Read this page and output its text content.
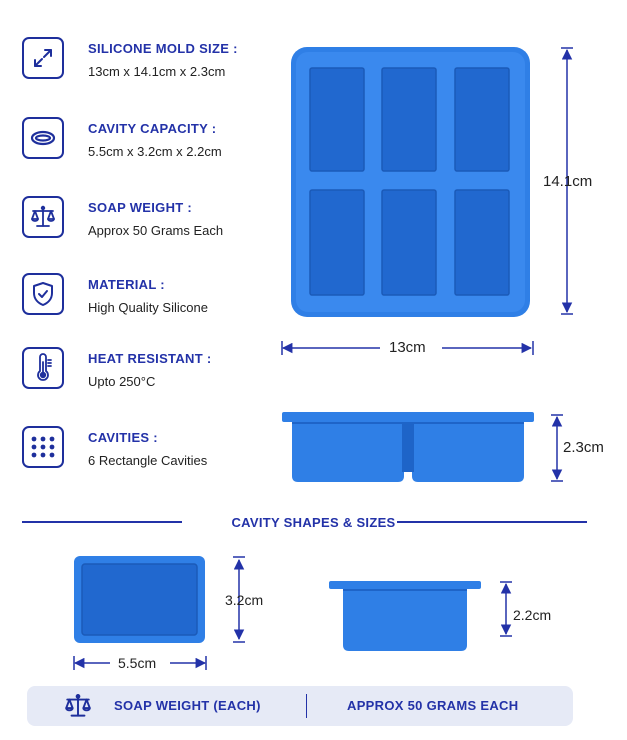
SILICONE MOLD SIZE :
13cm x 14.1cm x 2.3cm
CAVITY CAPACITY :
5.5cm x 3.2cm x 2.2cm
SOAP WEIGHT :
Approx 50 Grams Each
MATERIAL :
High Quality Silicone
HEAT RESISTANT :
Upto 250°C
CAVITIES :
6 Rectangle Cavities
14.1cm
13cm
2.3cm
3.2cm
5.5cm
2.2cm
CAVITY SHAPES & SIZES
SOAP WEIGHT (EACH)	APPROX 50 GRAMS EACH
